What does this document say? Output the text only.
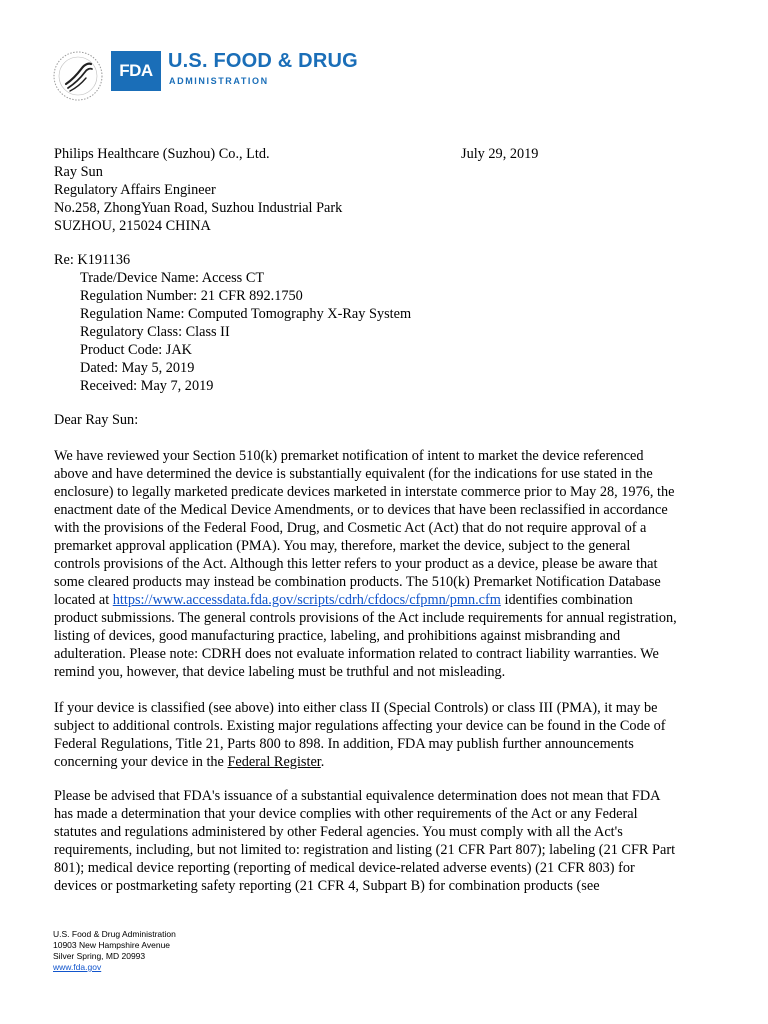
FDA U.S. FOOD & DRUG
ADMINISTRATION
July 29, 2019
Philips Healthcare (Suzhou) Co., Ltd.
Ray Sun
Regulatory Affairs Engineer
No.258, ZhongYuan Road, Suzhou Industrial Park
SUZHOU, 215024 CHINA
Re: K191136
Trade/Device Name: Access CT
Regulation Number: 21 CFR 892.1750
Regulation Name: Computed Tomography X-Ray System
Regulatory Class: Class II
Product Code: JAK
Dated: May 5, 2019
Received: May 7, 2019
Dear Ray Sun:
We have reviewed your Section 510(k) premarket notification of intent to market the device referenced
above and have determined the device is substantially equivalent (for the indications for use stated in the
enclosure) to legally marketed predicate devices marketed in interstate commerce prior to May 28, 1976, the
enactment date of the Medical Device Amendments, or to devices that have been reclassified in accordance
with the provisions of the Federal Food, Drug, and Cosmetic Act (Act) that do not require approval of a
premarket approval application (PMA). You may, therefore, market the device, subject to the general
controls provisions of the Act. Although this letter refers to your product as a device, please be aware that
some cleared products may instead be combination products. The 510(k) Premarket Notification Database
located at https://www.accessdata.fda.gov/scripts/cdrh/cfdocs/cfpmn/pmn.cfm identifies combination
product submissions. The general controls provisions of the Act include requirements for annual registration,
listing of devices, good manufacturing practice, labeling, and prohibitions against misbranding and
adulteration. Please note: CDRH does not evaluate information related to contract liability warranties. We
remind you, however, that device labeling must be truthful and not misleading.
If your device is classified (see above) into either class II (Special Controls) or class III (PMA), it may be
subject to additional controls. Existing major regulations affecting your device can be found in the Code of
Federal Regulations, Title 21, Parts 800 to 898. In addition, FDA may publish further announcements
concerning your device in the Federal Register.
Please be advised that FDA's issuance of a substantial equivalence determination does not mean that FDA
has made a determination that your device complies with other requirements of the Act or any Federal
statutes and regulations administered by other Federal agencies. You must comply with all the Act's
requirements, including, but not limited to: registration and listing (21 CFR Part 807); labeling (21 CFR Part
801); medical device reporting (reporting of medical device-related adverse events) (21 CFR 803) for
devices or postmarketing safety reporting (21 CFR 4, Subpart B) for combination products (see
U.S. Food & Drug Administration
10903 New Hampshire Avenue
Silver Spring, MD 20993
www.fda.gov
